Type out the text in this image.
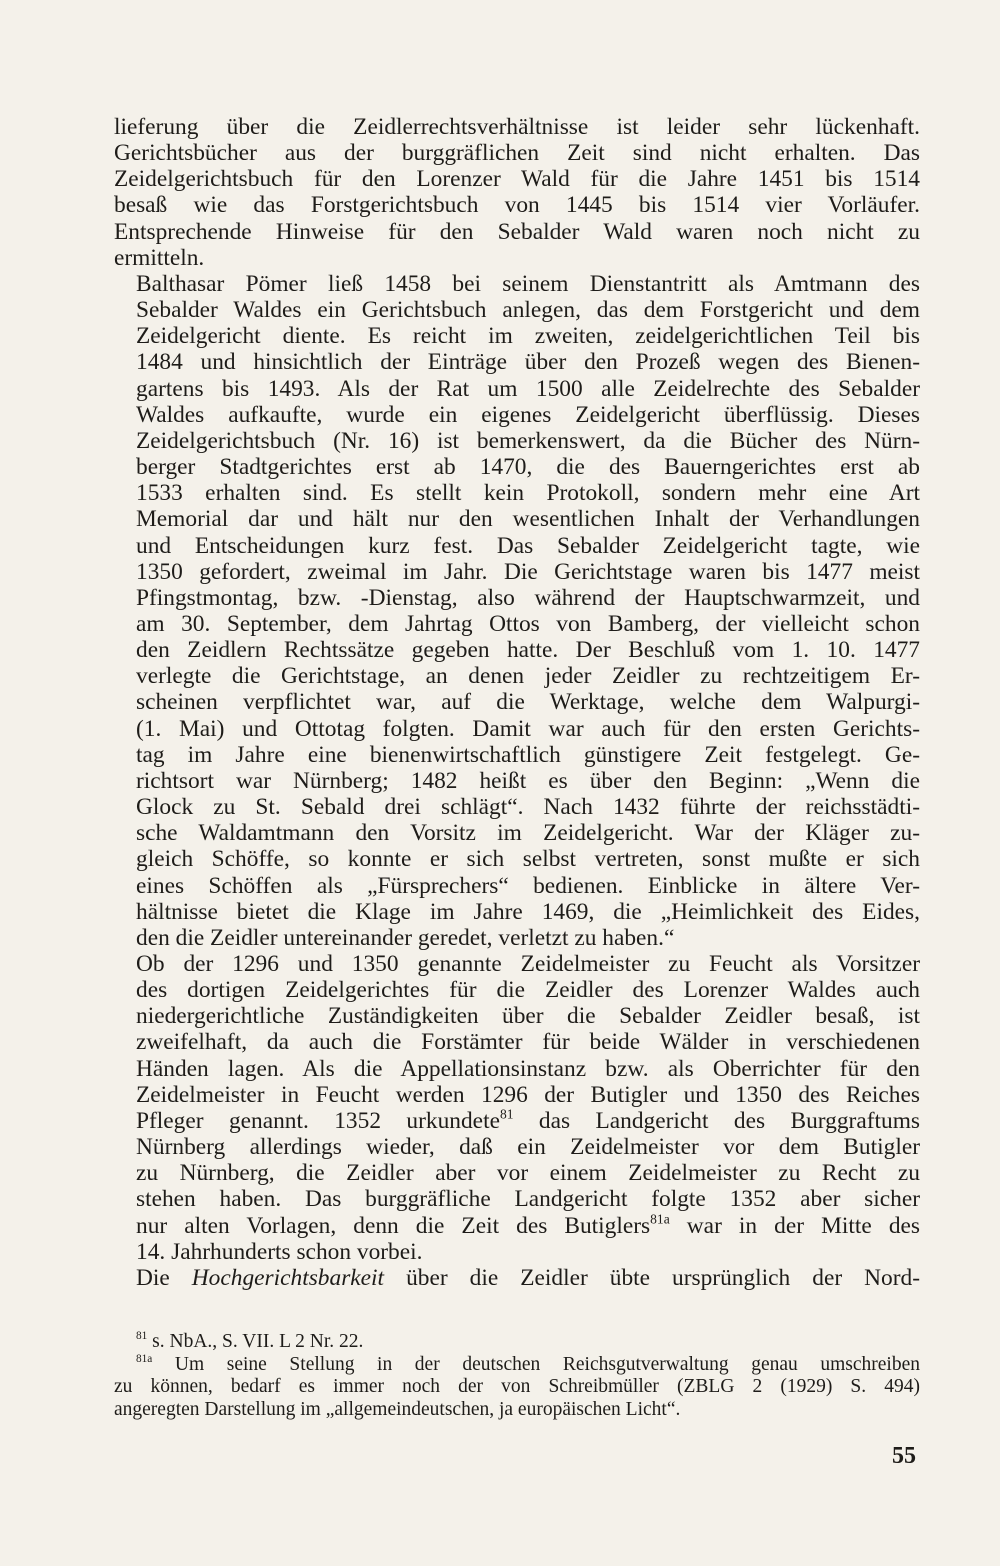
lieferung über die Zeidlerrechtsverhältnisse ist leider sehr lückenhaft.
Gerichtsbücher aus der burggräflichen Zeit sind nicht erhalten. Das
Zeidelgerichtsbuch für den Lorenzer Wald für die Jahre 1451 bis 1514
besaß wie das Forstgerichtsbuch von 1445 bis 1514 vier Vorläufer.
Entsprechende Hinweise für den Sebalder Wald waren noch nicht zu
ermitteln.

Balthasar Pömer ließ 1458 bei seinem Dienstantritt als Amtmann des
Sebalder Waldes ein Gerichtsbuch anlegen, das dem Forstgericht und dem
Zeidelgericht diente. Es reicht im zweiten, zeidelgerichtlichen Teil bis
1484 und hinsichtlich der Einträge über den Prozeß wegen des Bienen-
gartens bis 1493. Als der Rat um 1500 alle Zeidelrechte des Sebalder
Waldes aufkaufte, wurde ein eigenes Zeidelgericht überflüssig. Dieses
Zeidelgerichtsbuch (Nr. 16) ist bemerkenswert, da die Bücher des Nürn-
berger Stadtgerichtes erst ab 1470, die des Bauerngerichtes erst ab
1533 erhalten sind. Es stellt kein Protokoll, sondern mehr eine Art
Memorial dar und hält nur den wesentlichen Inhalt der Verhandlungen
und Entscheidungen kurz fest. Das Sebalder Zeidelgericht tagte, wie
1350 gefordert, zweimal im Jahr. Die Gerichtstage waren bis 1477 meist
Pfingstmontag, bzw. -Dienstag, also während der Hauptschwarmzeit, und
am 30. September, dem Jahrtag Ottos von Bamberg, der vielleicht schon
den Zeidlern Rechtssätze gegeben hatte. Der Beschluß vom 1. 10. 1477
verlegte die Gerichtstage, an denen jeder Zeidler zu rechtzeitigem Er-
scheinen verpflichtet war, auf die Werktage, welche dem Walpurgi-
(1. Mai) und Ottotag folgten. Damit war auch für den ersten Gerichts-
tag im Jahre eine bienenwirtschaftlich günstigere Zeit festgelegt. Ge-
richtsort war Nürnberg; 1482 heißt es über den Beginn: „Wenn die
Glock zu St. Sebald drei schlägt“. Nach 1432 führte der reichsstädti-
sche Waldamtmann den Vorsitz im Zeidelgericht. War der Kläger zu-
gleich Schöffe, so konnte er sich selbst vertreten, sonst mußte er sich
eines Schöffen als „Fürsprechers“ bedienen. Einblicke in ältere Ver-
hältnisse bietet die Klage im Jahre 1469, die „Heimlichkeit des Eides,
den die Zeidler untereinander geredet, verletzt zu haben.“

Ob der 1296 und 1350 genannte Zeidelmeister zu Feucht als Vorsitzer
des dortigen Zeidelgerichtes für die Zeidler des Lorenzer Waldes auch
niedergerichtliche Zuständigkeiten über die Sebalder Zeidler besaß, ist
zweifelhaft, da auch die Forstämter für beide Wälder in verschiedenen
Händen lagen. Als die Appellationsinstanz bzw. als Oberrichter für den
Zeidelmeister in Feucht werden 1296 der Butigler und 1350 des Reiches
Pfleger genannt. 1352 urkundete$^{81}$ das Landgericht des Burggraftums
Nürnberg allerdings wieder, daß ein Zeidelmeister vor dem Butigler
zu Nürnberg, die Zeidler aber vor einem Zeidelmeister zu Recht zu
stehen haben. Das burggräfliche Landgericht folgte 1352 aber sicher
nur alten Vorlagen, denn die Zeit des Butiglers$^{81a}$ war in der Mitte des
14. Jahrhunderts schon vorbei.

Die Hochgerichtsbarkeit über die Zeidler übte ursprünglich der Nord-

$^{81}$ s. NbA., S. VII. L 2 Nr. 22.

$^{81a}$ Um seine Stellung in der deutschen Reichsgutverwaltung genau umschreiben
zu können, bedarf es immer noch der von Schreibmüller (ZBLG 2 (1929) S. 494)
angeregten Darstellung im „allgemeindeutschen, ja europäischen Licht“.

55
